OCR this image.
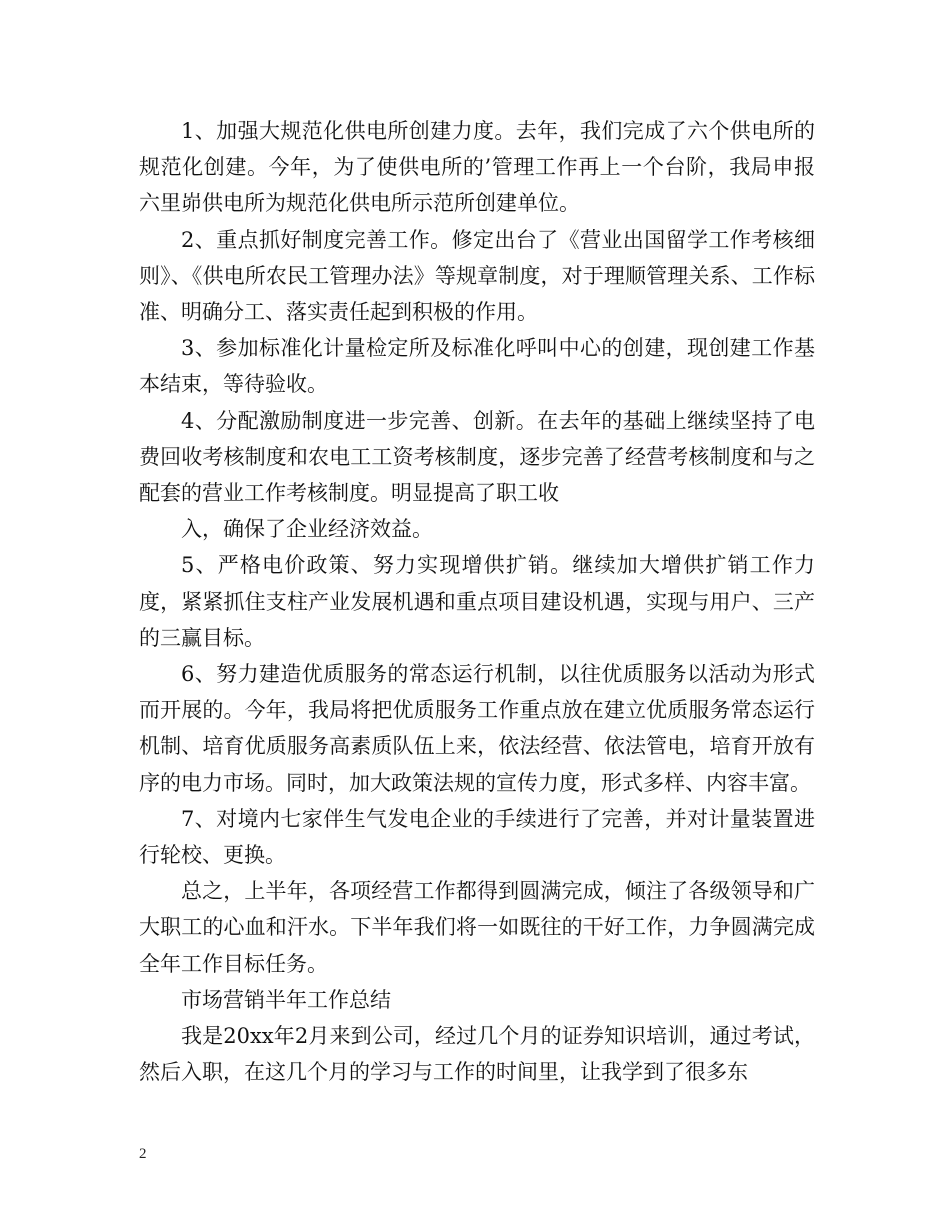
1、加强大规范化供电所创建力度。去年，我们完成了六个供电所的规范化创建。今年，为了使供电所的’管理工作再上一个台阶，我局申报六里峁供电所为规范化供电所示范所创建单位。

2、重点抓好制度完善工作。修定出台了《营业出国留学工作考核细则》、《供电所农民工管理办法》等规章制度，对于理顺管理关系、工作标准、明确分工、落实责任起到积极的作用。

3、参加标准化计量检定所及标准化呼叫中心的创建，现创建工作基本结束，等待验收。

4、分配激励制度进一步完善、创新。在去年的基础上继续坚持了电费回收考核制度和农电工工资考核制度，逐步完善了经营考核制度和与之配套的营业工作考核制度。明显提高了职工收

入，确保了企业经济效益。

5、严格电价政策、努力实现增供扩销。继续加大增供扩销工作力度，紧紧抓住支柱产业发展机遇和重点项目建设机遇，实现与用户、三产的三赢目标。

6、努力建造优质服务的常态运行机制，以往优质服务以活动为形式而开展的。今年，我局将把优质服务工作重点放在建立优质服务常态运行机制、培育优质服务高素质队伍上来，依法经营、依法管电，培育开放有序的电力市场。同时，加大政策法规的宣传力度，形式多样、内容丰富。

7、对境内七家伴生气发电企业的手续进行了完善，并对计量装置进行轮校、更换。

总之，上半年，各项经营工作都得到圆满完成，倾注了各级领导和广大职工的心血和汗水。下半年我们将一如既往的干好工作，力争圆满完成全年工作目标任务。

市场营销半年工作总结

我是20xx年2月来到公司，经过几个月的证券知识培训，通过考试，然后入职，在这几个月的学习与工作的时间里，让我学到了很多东

2
